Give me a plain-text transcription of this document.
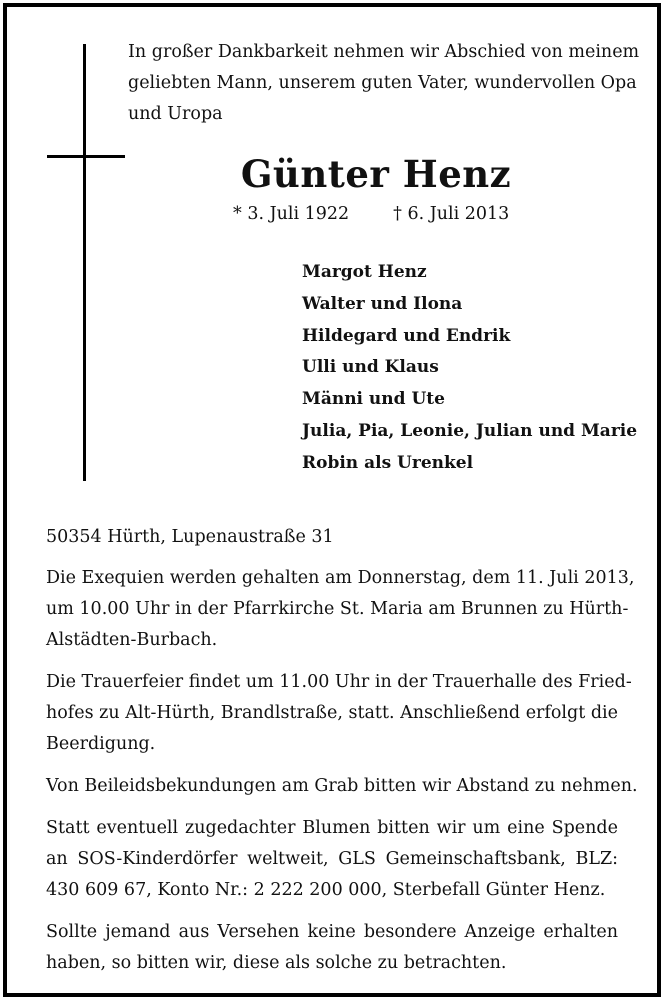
In großer Dankbarkeit nehmen wir Abschied von meinem
geliebten Mann, unserem guten Vater, wundervollen Opa
und Uropa
Günter Henz
* 3. Juli 1922	† 6. Juli 2013
Margot Henz
Walter und Ilona
Hildegard und Endrik
Ulli und Klaus
Männi und Ute
Julia, Pia, Leonie, Julian und Marie
Robin als Urenkel
50354 Hürth, Lupenaustraße 31
Die Exequien werden gehalten am Donnerstag, dem 11. Juli 2013,
um 10.00 Uhr in der Pfarrkirche St. Maria am Brunnen zu Hürth-
Alstädten-Burbach.
Die Trauerfeier findet um 11.00 Uhr in der Trauerhalle des Fried-
hofes zu Alt-Hürth, Brandlstraße, statt. Anschließend erfolgt die
Beerdigung.
Von Beileidsbekundungen am Grab bitten wir Abstand zu nehmen.
Statt eventuell zugedachter Blumen bitten wir um eine Spende
an SOS-Kinderdörfer weltweit, GLS Gemeinschaftsbank, BLZ:
430 609 67, Konto Nr.: 2 222 200 000, Sterbefall Günter Henz.
Sollte jemand aus Versehen keine besondere Anzeige erhalten
haben, so bitten wir, diese als solche zu betrachten.
